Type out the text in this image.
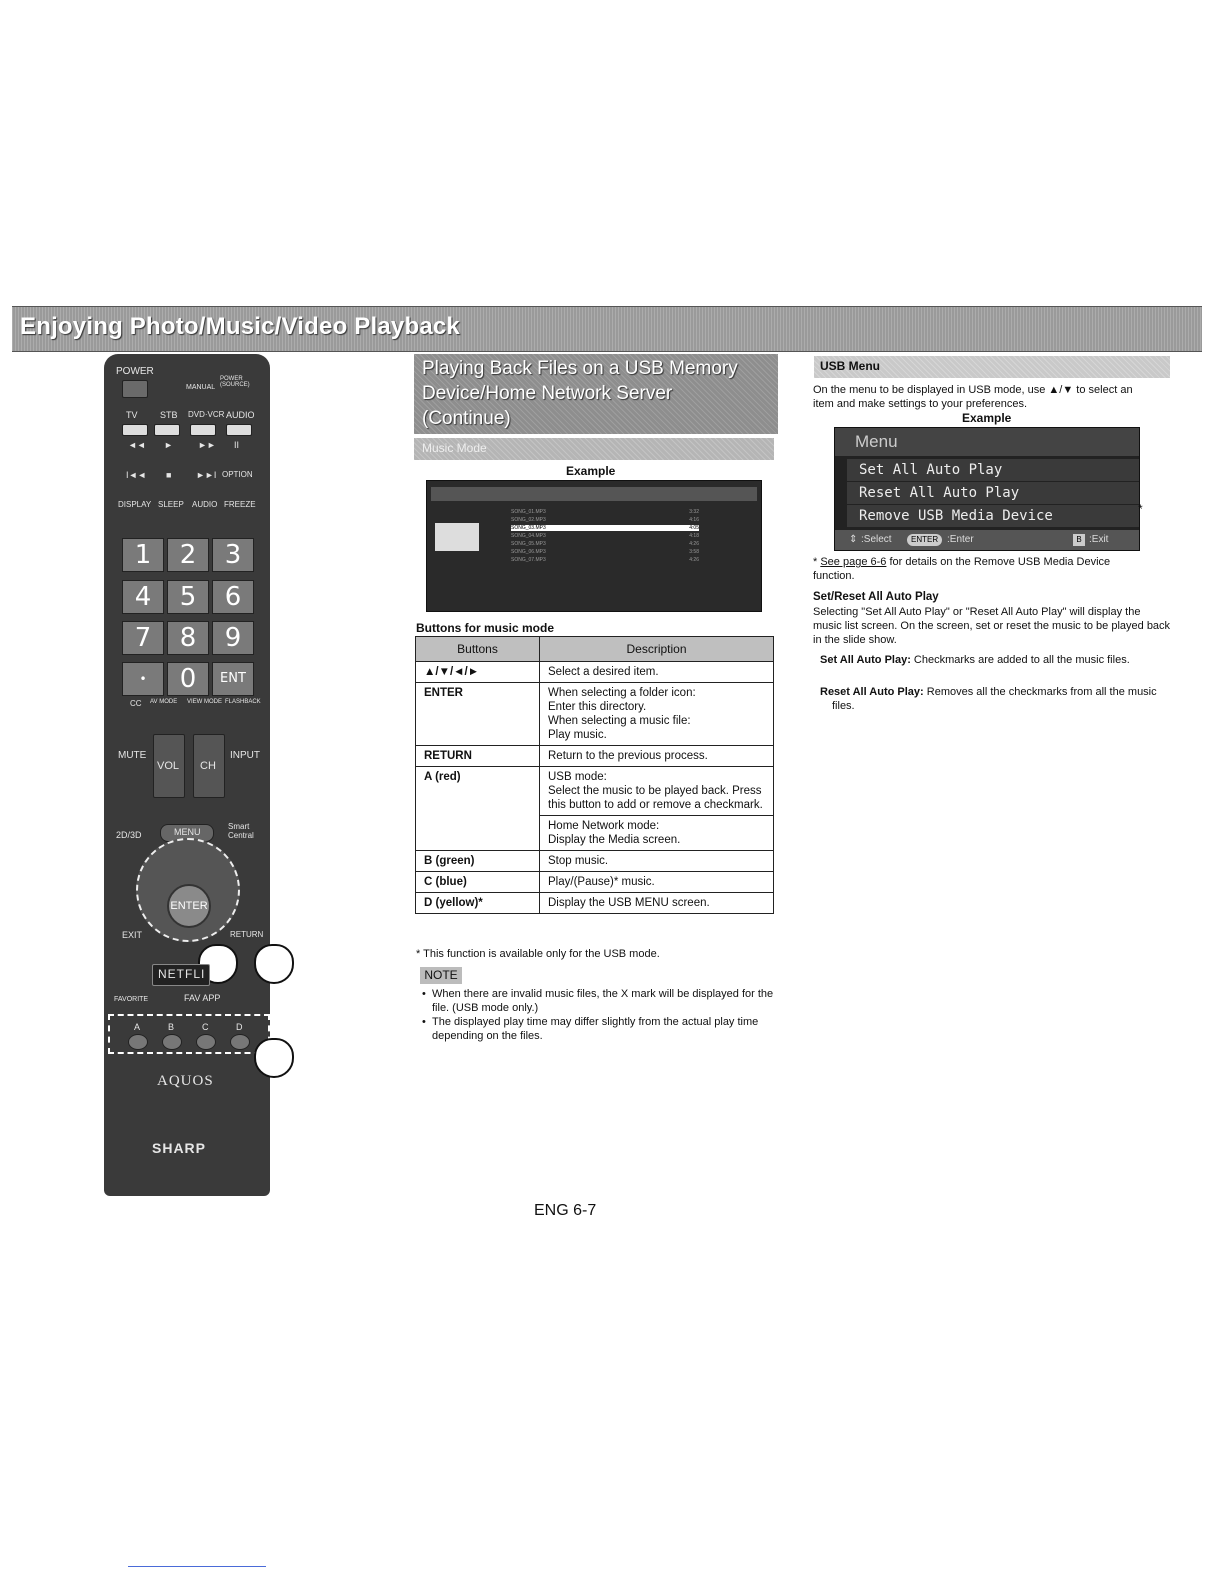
Enjoying Photo/Music/Video Playback
POWER
MANUAL
POWER (SOURCE)
TV STB DVD·VCR AUDIO
◄◄ ►	►► II
I◄◄ ■	►►I OPTION
DISPLAY SLEEP AUDIO FREEZE
1	2	3
4	5	6
7	8	9
•	0	ENT
CC AV MODE VIEW MODE FLASHBACK
MUTE
VOL CH
INPUT
2D/3D	MENU
Smart Central
ENTER
EXIT	RETURN
NETFLI
FAVORITE	FAV APP
A	B	C	D
AQUOS
SHARP
Playing Back Files on a USB Memory Device/Home Network Server (Continue)
Music Mode
Example
SONG_01.MP3	3:32
SONG_02.MP3	4:16
SONG_03.MP3	4:05
SONG_04.MP3	4:18
SONG_05.MP3	4:26
SONG_06.MP3	3:58
SONG_07.MP3	4:26
Buttons for music mode
Buttons	Description
▲/▼/◄/►	Select a desired item.

ENTER	When selecting a folder icon:
Enter this directory.
When selecting a music file:
Play music.

RETURN	Return to the previous process.

A (red)	USB mode:
Select the music to be played back. Press this button to add or remove a checkmark.

	Home Network mode:
Display the Media screen.

B (green)	Stop music.

C (blue)	Play/(Pause)* music.

D (yellow)*	Display the USB MENU screen.
* This function is available only for the USB mode.
NOTE
• When there are invalid music files, the X mark will be displayed for the file. (USB mode only.)
• The displayed play time may differ slightly from the actual play time depending on the files.
USB Menu
On the menu to be displayed in USB mode, use ▲/▼ to select an item and make settings to your preferences.
Example
Menu
Set All Auto Play
Reset All Auto Play
Remove USB Media Device
⇕ :Select	ENTER :Enter	B :Exit
*
* See page 6-6 for details on the Remove USB Media Device function.
Set/Reset All Auto Play
Selecting "Set All Auto Play" or "Reset All Auto Play" will display the music list screen. On the screen, set or reset the music to be played back in the slide show.
Set All Auto Play: Checkmarks are added to all the music files.
Reset All Auto Play: Removes all the checkmarks from all the music files.
ENG 6-7
